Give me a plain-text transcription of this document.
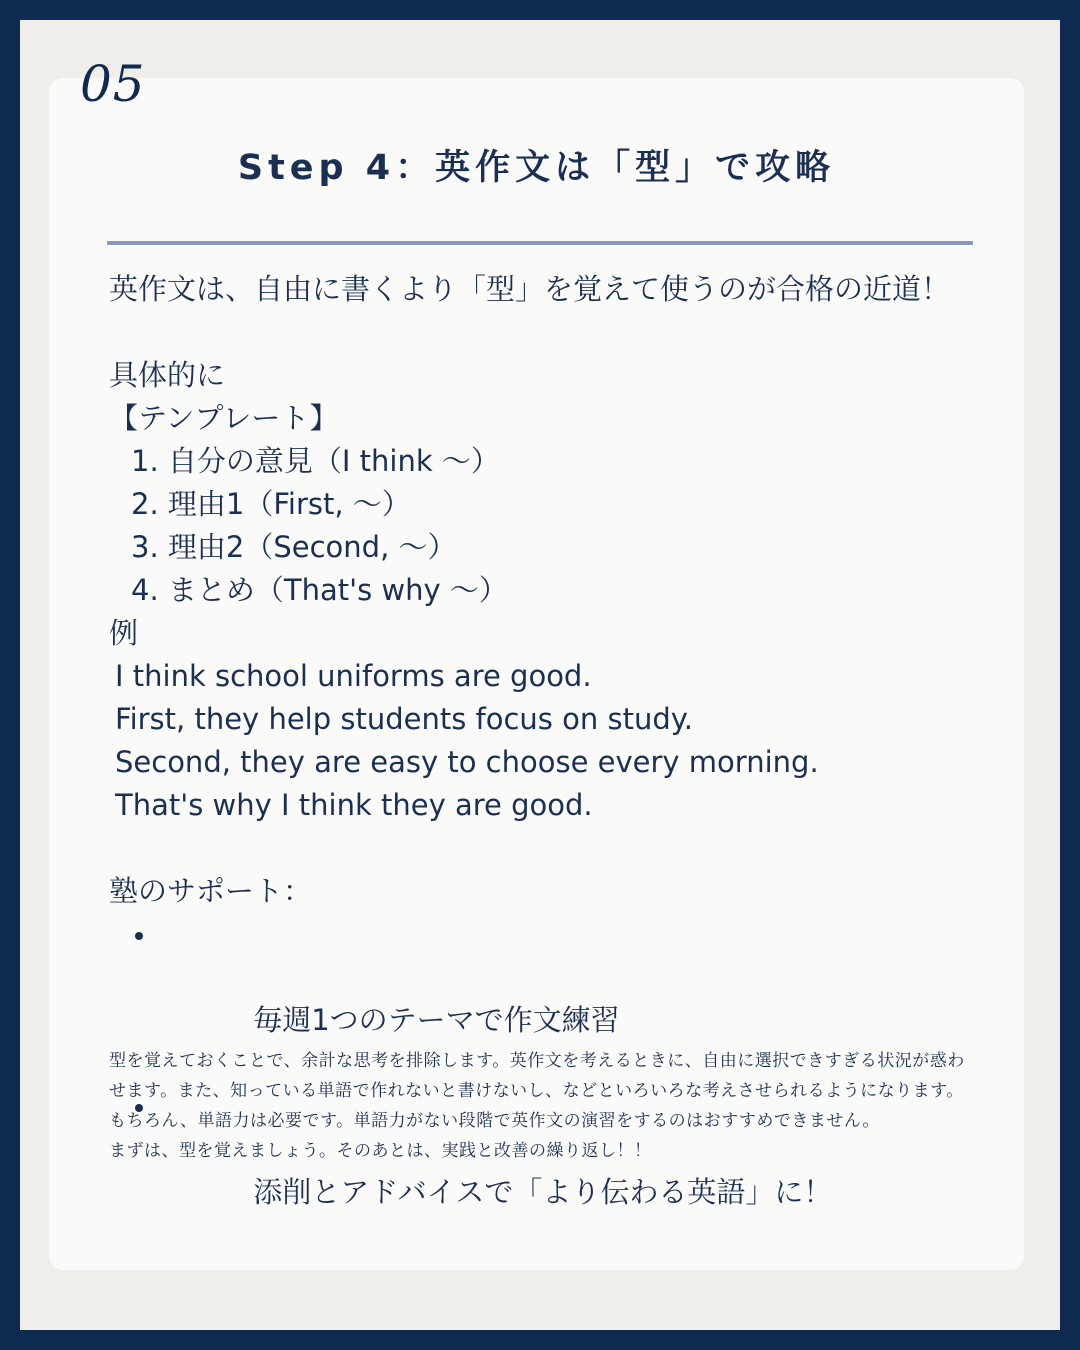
05
Step 4：英作文は「型」で攻略
英作文は、自由に書くより「型」を覚えて使うのが合格の近道！
具体的に
【テンプレート】
1. 自分の意見（I think 〜）
2. 理由1（First, 〜）
3. 理由2（Second, 〜）
4. まとめ（That's why 〜）
例
I think school uniforms are good.
First, they help students focus on study.
Second, they are easy to choose every morning.
That's why I think they are good.
塾のサポート：

毎週1つのテーマで作文練習

添削とアドバイスで「より伝わる英語」に！

型を覚えておくことで、余計な思考を排除します。英作文を考えるときに、自由に選択できすぎる状況が惑わせます。また、知っている単語で作れないと書けないし、などといろいろな考えさせられるようになります。もちろん、単語力は必要です。単語力がない段階で英作文の演習をするのはおすすめできません。
まずは、型を覚えましょう。そのあとは、実践と改善の繰り返し！！
